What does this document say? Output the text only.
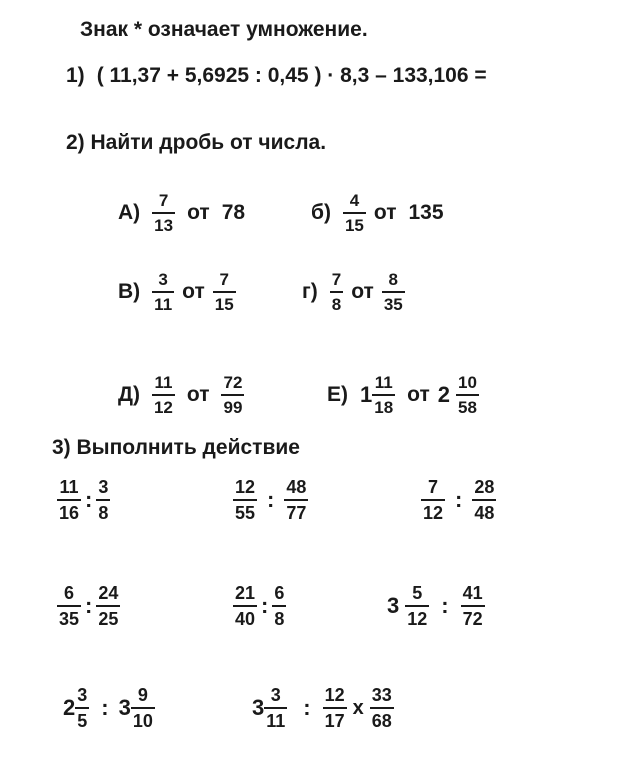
Знак * означает умножение.
1) ( 11,37 + 5,6925 : 0,45 ) · 8,3 – 133,106 =
2) Найти дробь от числа.
$А) \frac{7}{13}$ от 78	$б) \frac{4}{15}$ от 135
$В) \frac{3}{11}$ от $\frac{7}{15}$	$г) \frac{7}{8}$ от $\frac{8}{35}$
$Д) \frac{11}{12}$ от $\frac{72}{99}$	Е) $1 \frac{11}{18}$ от $2 \frac{10}{58}$
3) Выполнить действие
$\frac{11}{16}$ : $\frac{3}{8}$	$\frac{12}{55}$ : $\frac{48}{77}$	$\frac{7}{12}$ : $\frac{28}{48}$
$\frac{6}{35}$ : $\frac{24}{25}$	$\frac{21}{40}$ : $\frac{6}{8}$	$3 \frac{5}{12}$ : $\frac{41}{72}$
$2 \frac{3}{5}$ : $3 \frac{9}{10}$	$3 \frac{3}{11}$ : $\frac{12}{17}$ x $\frac{33}{68}$
